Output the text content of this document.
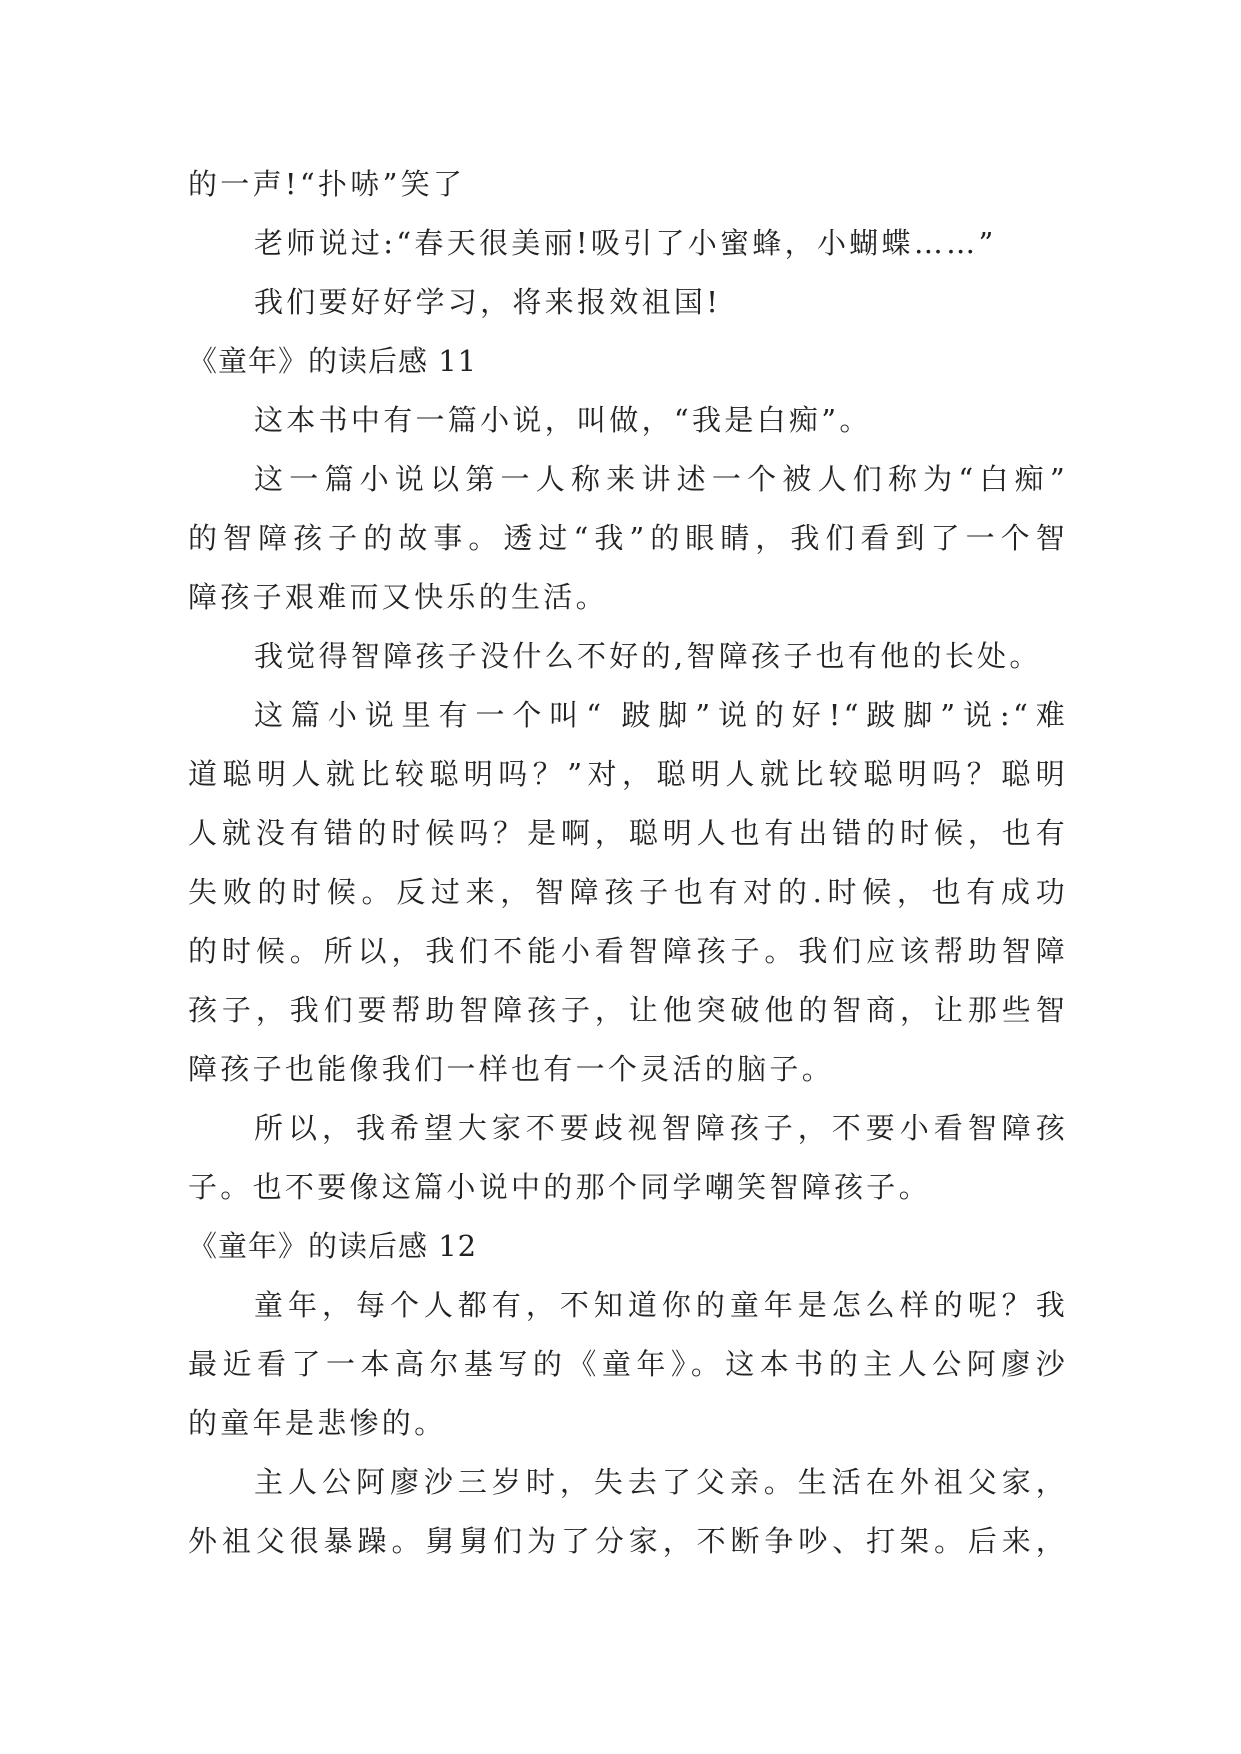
的一声!“扑哧”笑了
老师说过:“春天很美丽!吸引了小蜜蜂，小蝴蝶……”
我们要好好学习，将来报效祖国!
《童年》的读后感 11
这本书中有一篇小说，叫做，“我是白痴”。
这一篇小说以第一人称来讲述一个被人们称为“白痴”
的智障孩子的故事。透过“我”的眼睛，我们看到了一个智
障孩子艰难而又快乐的生活。
我觉得智障孩子没什么不好的,智障孩子也有他的长处。
这篇小说里有一个叫“ 跛脚”说的好!“跛脚”说:“难
道聪明人就比较聪明吗？”对，聪明人就比较聪明吗？聪明
人就没有错的时候吗？是啊，聪明人也有出错的时候，也有
失败的时候。反过来，智障孩子也有对的.时候，也有成功
的时候。所以，我们不能小看智障孩子。我们应该帮助智障
孩子，我们要帮助智障孩子，让他突破他的智商，让那些智
障孩子也能像我们一样也有一个灵活的脑子。
所以，我希望大家不要歧视智障孩子，不要小看智障孩
子。也不要像这篇小说中的那个同学嘲笑智障孩子。
《童年》的读后感 12
童年，每个人都有，不知道你的童年是怎么样的呢？我
最近看了一本高尔基写的《童年》。这本书的主人公阿廖沙
的童年是悲惨的。
主人公阿廖沙三岁时，失去了父亲。生活在外祖父家，
外祖父很暴躁。舅舅们为了分家，不断争吵、打架。后来，
